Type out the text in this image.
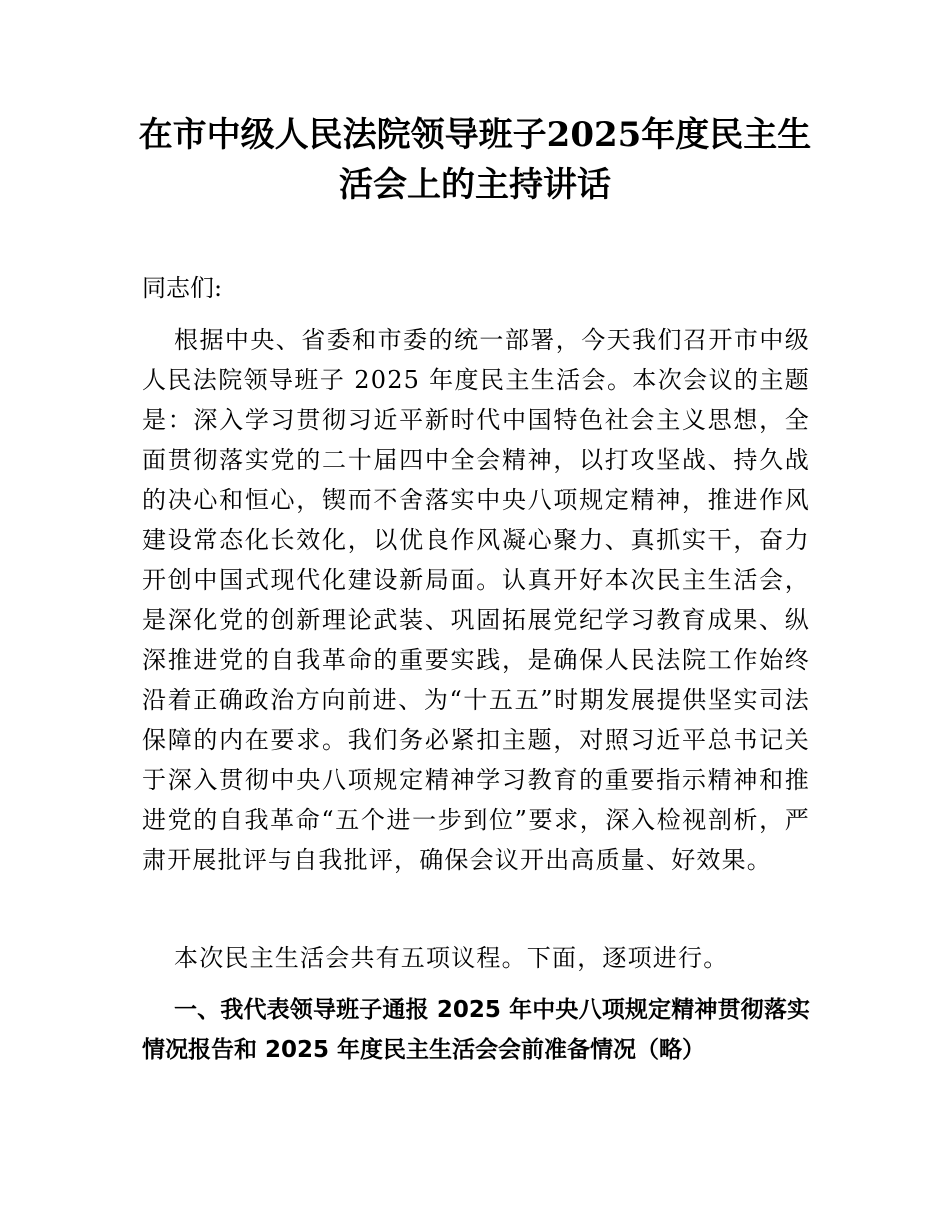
在市中级人民法院领导班子2025年度民主生
活会上的主持讲话
同志们:

根据中央、省委和市委的统一部署，今天我们召开市中级人民法院领导班子 2025 年度民主生活会。本次会议的主题是：深入学习贯彻习近平新时代中国特色社会主义思想，全面贯彻落实党的二十届四中全会精神，以打攻坚战、持久战的决心和恒心，锲而不舍落实中央八项规定精神，推进作风建设常态化长效化，以优良作风凝心聚力、真抓实干，奋力开创中国式现代化建设新局面。认真开好本次民主生活会，是深化党的创新理论武装、巩固拓展党纪学习教育成果、纵深推进党的自我革命的重要实践，是确保人民法院工作始终沿着正确政治方向前进、为“十五五”时期发展提供坚实司法保障的内在要求。我们务必紧扣主题，对照习近平总书记关于深入贯彻中央八项规定精神学习教育的重要指示精神和推进党的自我革命“五个进一步到位”要求，深入检视剖析，严肃开展批评与自我批评，确保会议开出高质量、好效果。

本次民主生活会共有五项议程。下面，逐项进行。

一、我代表领导班子通报 2025 年中央八项规定精神贯彻落实情况报告和 2025 年度民主生活会会前准备情况（略）
